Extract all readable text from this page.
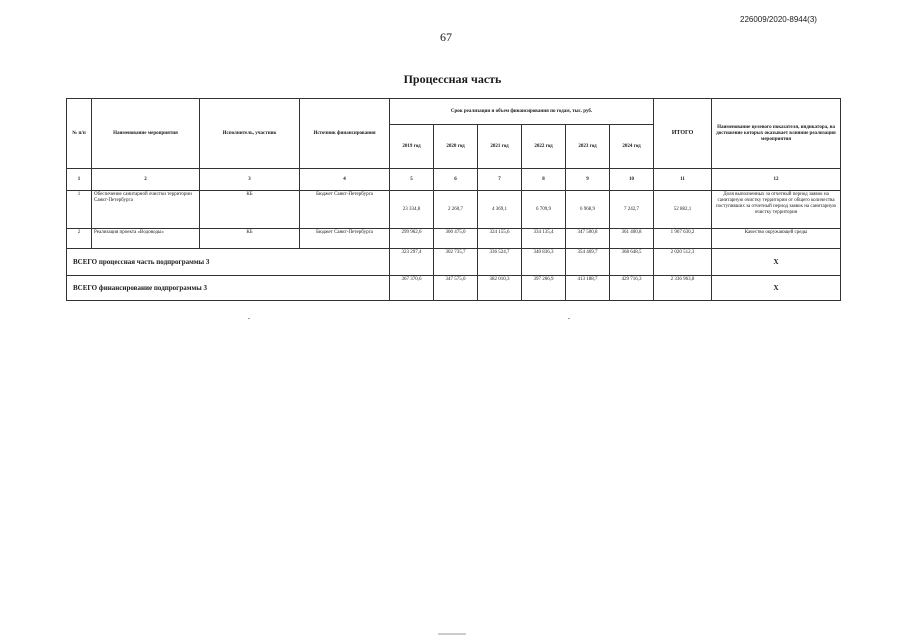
226009/2020-8944(3)
67
Процессная часть
№ п/п	Наименование мероприятия	Исполнитель, участник	Источник финансирования	Срок реализации и объем финансирования по годам, тыс. руб.						ИТОГО	Наименование целевого показателя, индикатора, на достижение которых оказывает влияние реализация мероприятия
				2019 год	2020 год	2021 год	2022 год	2023 год	2024 год		
1	2	3	4	5	6	7	8	9	10	11	12
1	Обеспечение санитарной очистки территории Санкт-Петербурга	КБ	Бюджет Санкт-Петербурга	23 334,8	2 260,7	4 369,1	6 709,9	6 968,9	7 242,7	52 882,1	Доля выполненных за отчетный период заявок на санитарную очистку территории от общего количества поступивших за отчетный период заявок на санитарную очистку территории
2	Реализация проекта «Водоводы»	КБ	Бюджет Санкт-Петербурга	299 962,6	300 475,0	324 155,6	334 135,4	347 500,8	361 400,8	1 967 630,2	Качество окружающей среды
ВСЕГО процессная часть подпрограммы 3				323 297,4	302 735,7	336 524,7	340 836,3	354 469,7	368 648,5	2 020 512,3	X
ВСЕГО финансирование подпрограммы 3				367 370,6	347 575,0	382 010,3	397 266,9	413 188,7	429 716,3	2 336 963,8	X
